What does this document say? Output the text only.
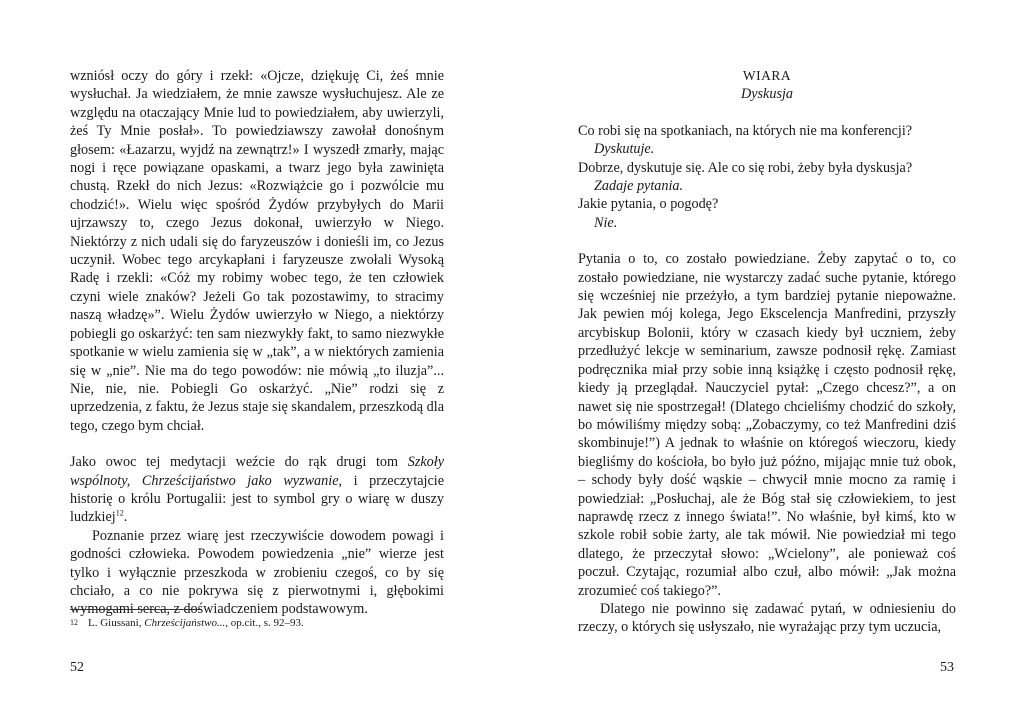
wzniósł oczy do góry i rzekł: «Ojcze, dziękuję Ci, żeś mnie wysłuchał. Ja wiedziałem, że mnie zawsze wysłuchujesz. Ale ze względu na otaczający Mnie lud to powiedziałem, aby uwierzyli, żeś Ty Mnie posłał». To powiedziawszy zawołał donośnym głosem: «Łazarzu, wyjdź na zewnątrz!» I wyszedł zmarły, mając nogi i ręce powiązane opaskami, a twarz jego była zawinięta chustą. Rzekł do nich Jezus: «Rozwiążcie go i pozwólcie mu chodzić!». Wielu więc spośród Żydów przybyłych do Marii ujrzawszy to, czego Jezus dokonał, uwierzyło w Niego. Niektórzy z nich udali się do faryzeuszów i donieśli im, co Jezus uczynił. Wobec tego arcykapłani i faryzeusze zwołali Wysoką Radę i rzekli: «Cóż my robimy wobec tego, że ten człowiek czyni wiele znaków? Jeżeli Go tak pozostawimy, to stracimy naszą władzę»”. Wielu Żydów uwierzyło w Niego, a niektórzy pobiegli go oskarżyć: ten sam niezwykły fakt, to samo niezwykłe spotkanie w wielu zamienia się w „tak”, a w niektórych zamienia się w „nie”. Nie ma do tego powodów: nie mówią „to iluzja”... Nie, nie, nie. Pobiegli Go oskarżyć. „Nie” rodzi się z uprzedzenia, z faktu, że Jezus staje się skandalem, przeszkodą dla tego, czego bym chciał.

Jako owoc tej medytacji weźcie do rąk drugi tom Szkoły wspólnoty, Chrześcijaństwo jako wyzwanie, i przeczytajcie historię o królu Portugalii: jest to symbol gry o wiarę w duszy ludzkiej$^{12}$.

Poznanie przez wiarę jest rzeczywiście dowodem powagi i godności człowieka. Powodem powiedzenia „nie” wierze jest tylko i wyłącznie przeszkoda w zrobieniu czegoś, co by się chciało, a co nie pokrywa się z pierwotnymi i, głębokimi wymogami serca, z doświadczeniem podstawowym.

$^{12}$ L. Giussani, Chrześcijaństwo..., op.cit., s. 92–93.
52
WIARA
Dyskusja
Co robi się na spotkaniach, na których nie ma konferencji?
Dyskutuje.
Dobrze, dyskutuje się. Ale co się robi, żeby była dyskusja?
Zadaje pytania.
Jakie pytania, o pogodę?
Nie.

Pytania o to, co zostało powiedziane. Żeby zapytać o to, co zostało powiedziane, nie wystarczy zadać suche pytanie, którego się wcześniej nie przeżyło, a tym bardziej pytanie niepoważne. Jak pewien mój kolega, Jego Ekscelencja Manfredini, przyszły arcybiskup Bolonii, który w czasach kiedy był uczniem, żeby przedłużyć lekcje w seminarium, zawsze podnosił rękę. Zamiast podręcznika miał przy sobie inną książkę i często podnosił rękę, kiedy ją przeglądał. Nauczyciel pytał: „Czego chcesz?”, a on nawet się nie spostrzegał! (Dlatego chcieliśmy chodzić do szkoły, bo mówiliśmy między sobą: „Zobaczymy, co też Manfredini dziś skombinuje!”) A jednak to właśnie on któregoś wieczoru, kiedy biegliśmy do kościoła, bo było już późno, mijając mnie tuż obok, – schody były dość wąskie – chwycił mnie mocno za ramię i powiedział: „Posłuchaj, ale że Bóg stał się człowiekiem, to jest naprawdę rzecz z innego świata!”. No właśnie, był kimś, kto w szkole robił sobie żarty, ale tak mówił. Nie powiedział mi tego dlatego, że przeczytał słowo: „Wcielony”, ale ponieważ coś poczuł. Czytając, rozumiał albo czuł, albo mówił: „Jak można zrozumieć coś takiego?”.

Dlatego nie powinno się zadawać pytań, w odniesieniu do rzeczy, o których się usłyszało, nie wyrażając przy tym uczucia,

53
